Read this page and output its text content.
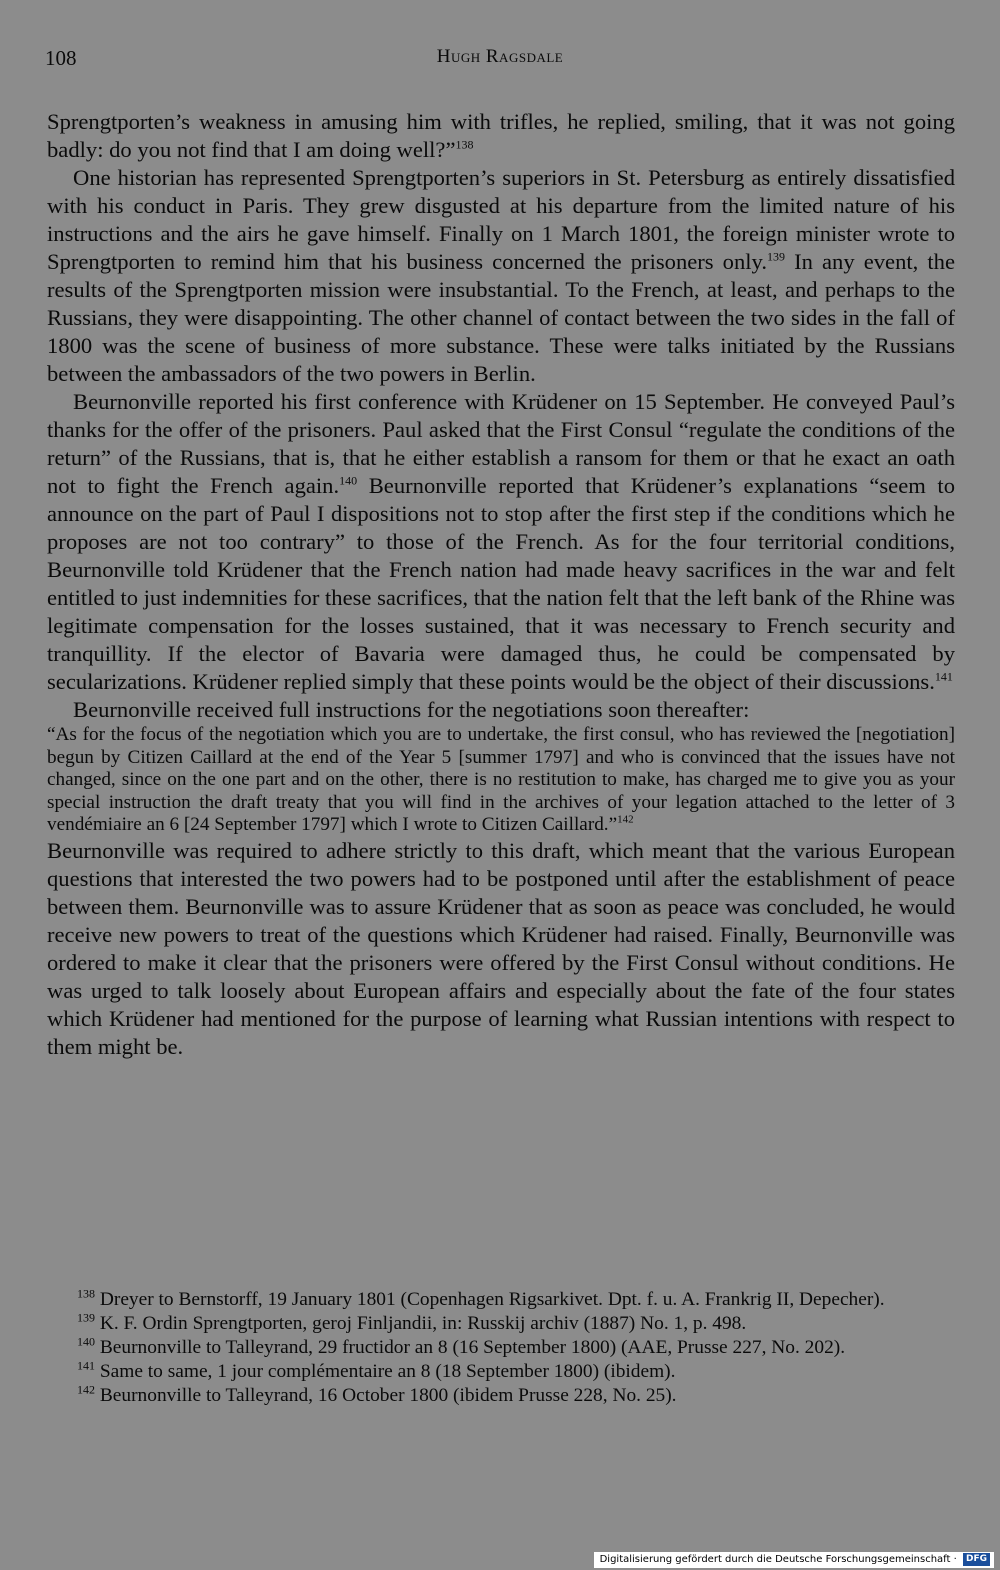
108	Hugh Ragsdale

Sprengtporten’s weakness in amusing him with trifles, he replied, smiling, that it was not going badly: do you not find that I am doing well?”$^{138}$

One historian has represented Sprengtporten’s superiors in St. Petersburg as entirely dissatisfied with his conduct in Paris. They grew disgusted at his departure from the limited nature of his instructions and the airs he gave himself. Finally on 1 March 1801, the foreign minister wrote to Sprengtporten to remind him that his business concerned the prisoners only.$^{139}$ In any event, the results of the Sprengtporten mission were insubstantial. To the French, at least, and perhaps to the Russians, they were disappointing. The other channel of contact between the two sides in the fall of 1800 was the scene of business of more substance. These were talks initiated by the Russians between the ambassadors of the two powers in Berlin.

Beurnonville reported his first conference with Krüdener on 15 September. He conveyed Paul’s thanks for the offer of the prisoners. Paul asked that the First Consul “regulate the conditions of the return” of the Russians, that is, that he either establish a ransom for them or that he exact an oath not to fight the French again.$^{140}$ Beurnonville reported that Krüdener’s explanations “seem to announce on the part of Paul I dispositions not to stop after the first step if the conditions which he proposes are not too contrary” to those of the French. As for the four territorial conditions, Beurnonville told Krüdener that the French nation had made heavy sacrifices in the war and felt entitled to just indemnities for these sacrifices, that the nation felt that the left bank of the Rhine was legitimate compensation for the losses sustained, that it was necessary to French security and tranquillity. If the elector of Bavaria were damaged thus, he could be compensated by secularizations. Krüdener replied simply that these points would be the object of their discussions.$^{141}$

Beurnonville received full instructions for the negotiations soon thereafter:

“As for the focus of the negotiation which you are to undertake, the first consul, who has reviewed the [negotiation] begun by Citizen Caillard at the end of the Year 5 [summer 1797] and who is convinced that the issues have not changed, since on the one part and on the other, there is no restitution to make, has charged me to give you as your special instruction the draft treaty that you will find in the archives of your legation attached to the letter of 3 vendémiaire an 6 [24 September 1797] which I wrote to Citizen Caillard.”$^{142}$

Beurnonville was required to adhere strictly to this draft, which meant that the various European questions that interested the two powers had to be postponed until after the establishment of peace between them. Beurnonville was to assure Krüdener that as soon as peace was concluded, he would receive new powers to treat of the questions which Krüdener had raised. Finally, Beurnonville was ordered to make it clear that the prisoners were offered by the First Consul without conditions. He was urged to talk loosely about European affairs and especially about the fate of the four states which Krüdener had mentioned for the purpose of learning what Russian intentions with respect to them might be.

$^{138}$ Dreyer to Bernstorff, 19 January 1801 (Copenhagen Rigsarkivet. Dpt. f. u. A. Frankrig II, Depecher).

$^{139}$ K. F. Ordin Sprengtporten, geroj Finljandii, in: Russkij archiv (1887) No. 1, p. 498.

$^{140}$ Beurnonville to Talleyrand, 29 fructidor an 8 (16 September 1800) (AAE, Prusse 227, No. 202).

$^{141}$ Same to same, 1 jour complémentaire an 8 (18 September 1800) (ibidem).

$^{142}$ Beurnonville to Talleyrand, 16 October 1800 (ibidem Prusse 228, No. 25).

Digitalisierung gefördert durch die Deutsche Forschungsgemeinschaft · DFG
